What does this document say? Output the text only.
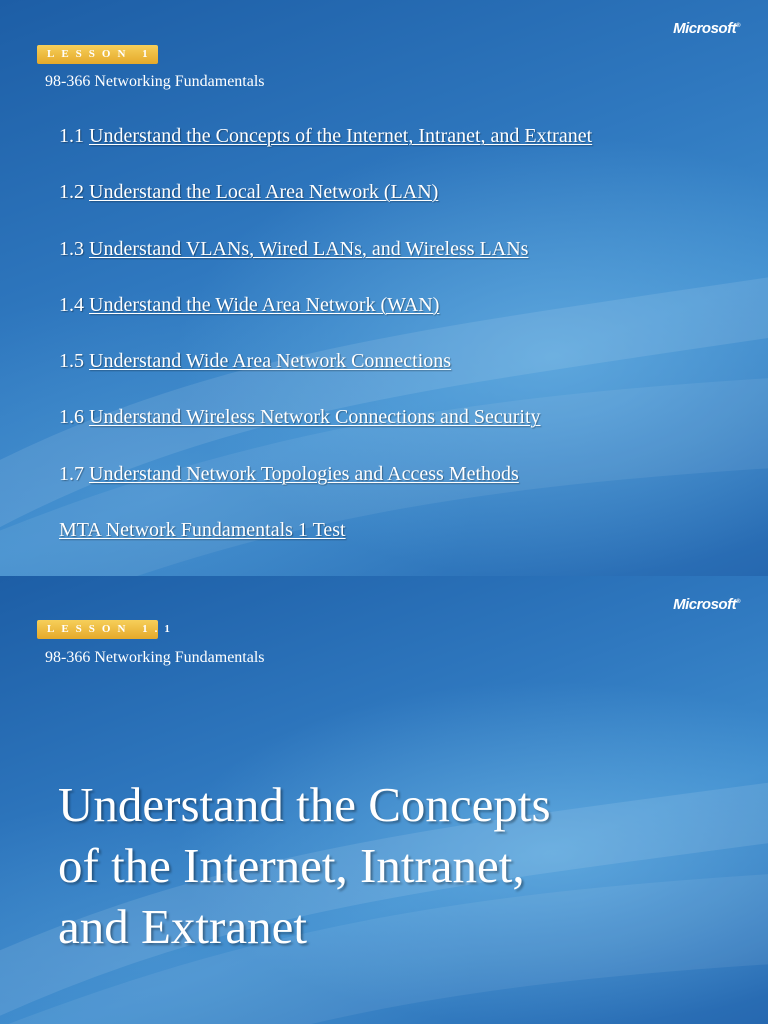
LESSON 1
98-366 Networking Fundamentals
Microsoft®
1.1 Understand the Concepts of the Internet, Intranet, and Extranet
1.2 Understand the Local Area Network (LAN)
1.3 Understand VLANs, Wired LANs, and Wireless LANs
1.4 Understand the Wide Area Network (WAN)
1.5 Understand Wide Area Network Connections
1.6 Understand Wireless Network Connections and Security
1.7 Understand Network Topologies and Access Methods
MTA Network Fundamentals 1 Test
LESSON 1.1
98-366 Networking Fundamentals
Microsoft®
Understand the Concepts
of the Internet, Intranet,
and Extranet
